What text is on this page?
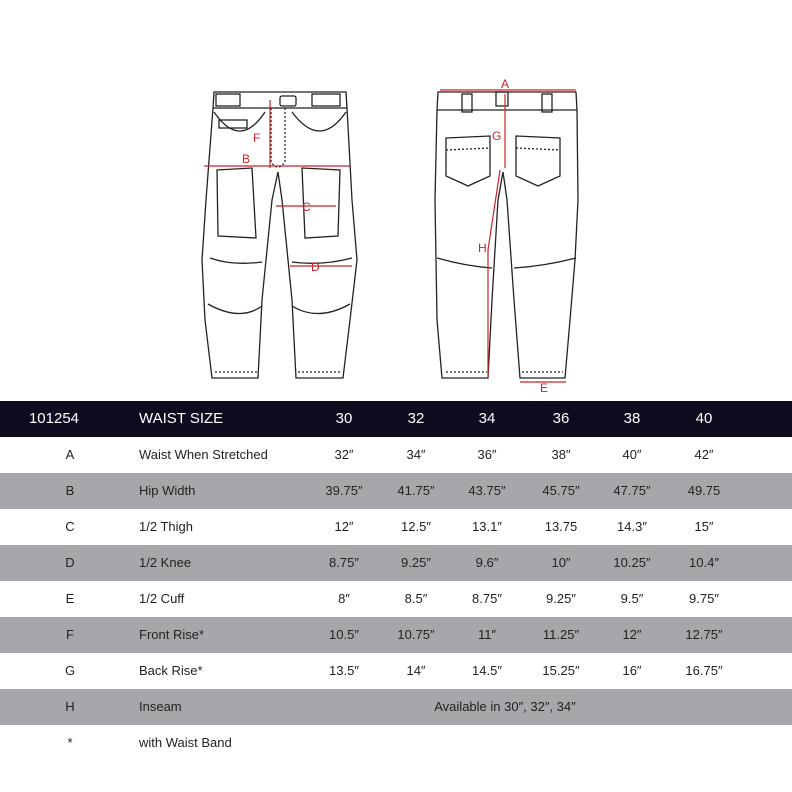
F
B
C
D
A
G
H
E
101254	WAIST SIZE	30	32	34	36	38	40
A	Waist When Stretched	32″	34″	36″	38″	40″	42″
B	Hip Width	39.75″	41.75″	43.75″	45.75″	47.75″	49.75
C	1/2 Thigh	12″	12.5″	13.1″	13.75	14.3″	15″
D	1/2 Knee	8.75″	9.25″	9.6″	10″	10.25″	10.4″
E	1/2 Cuff	8″	8.5″	8.75″	9.25″	9.5″	9.75″
F	Front Rise*	10.5″	10.75″	11″	11.25″	12″	12.75″
G	Back Rise*	13.5″	14″	14.5″	15.25″	16″	16.75″
H	Inseam	Available in 30″, 32″, 34″
*	with Waist Band
